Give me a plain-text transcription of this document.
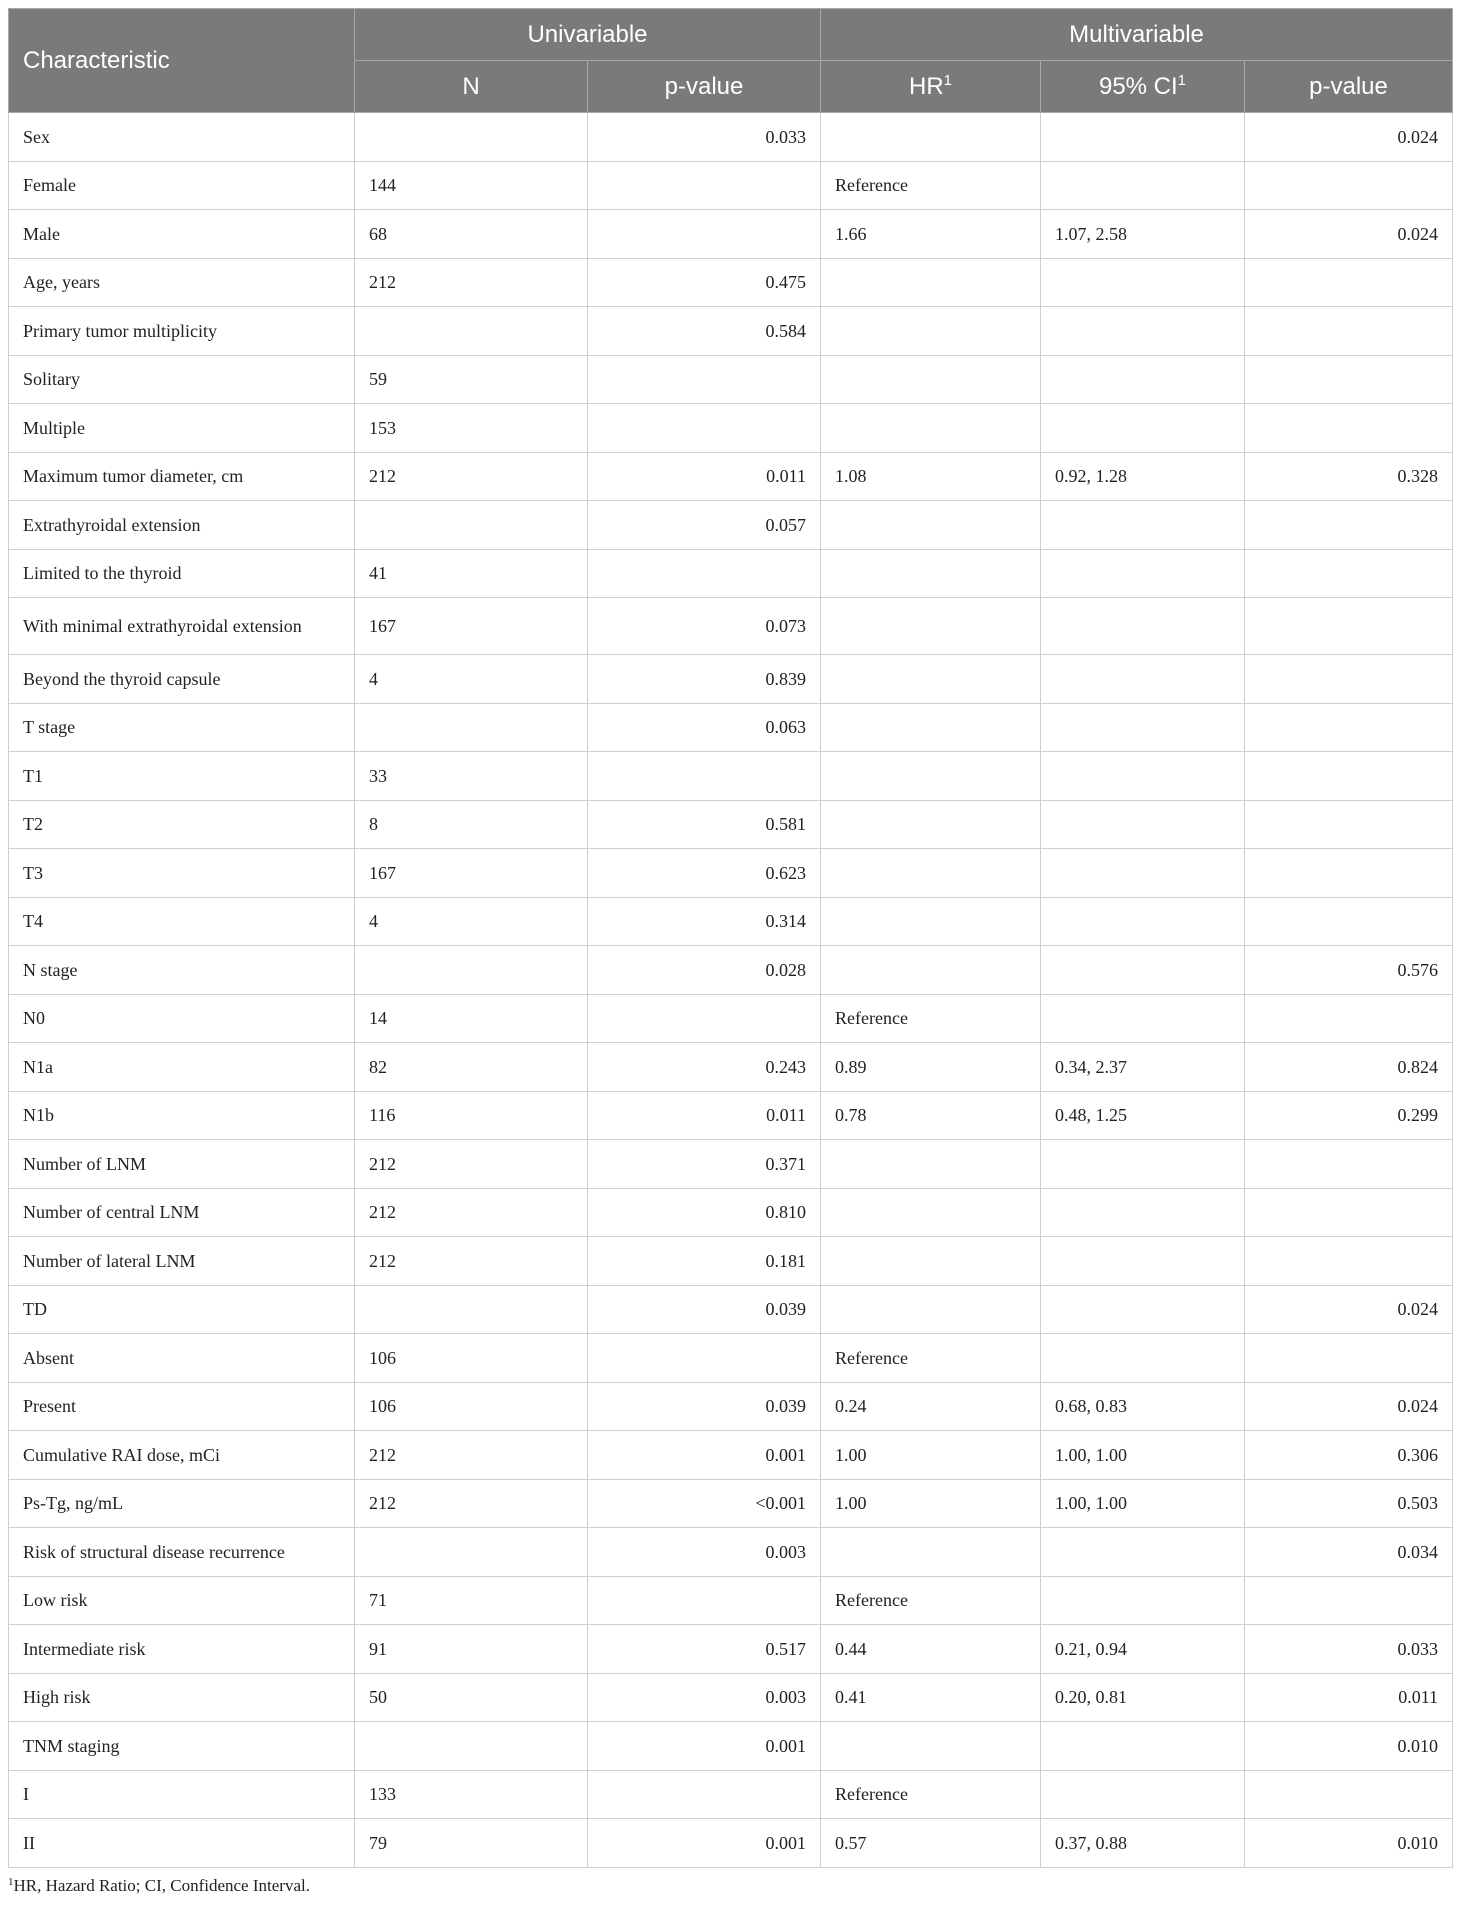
Characteristic	Univariable		Multivariable		
	N	p-value	$HR^1$	95% $CI^1$	p-value
Sex		0.033			0.024
Female	144		Reference		
Male	68		1.66	1.07, 2.58	0.024
Age, years	212	0.475			
Primary tumor multiplicity		0.584			
Solitary	59				
Multiple	153				
Maximum tumor diameter, cm	212	0.011	1.08	0.92, 1.28	0.328
Extrathyroidal extension		0.057			
Limited to the thyroid	41				
With minimal extrathyroidal extension	167	0.073			
Beyond the thyroid capsule	4	0.839			
T stage		0.063			
T1	33				
T2	8	0.581			
T3	167	0.623			
T4	4	0.314			
N stage		0.028			0.576
N0	14		Reference		
N1a	82	0.243	0.89	0.34, 2.37	0.824
N1b	116	0.011	0.78	0.48, 1.25	0.299
Number of LNM	212	0.371			
Number of central LNM	212	0.810			
Number of lateral LNM	212	0.181			
TD		0.039			0.024
Absent	106		Reference		
Present	106	0.039	0.24	0.68, 0.83	0.024
Cumulative RAI dose, mCi	212	0.001	1.00	1.00, 1.00	0.306
Ps-Tg, ng/mL	212	<0.001	1.00	1.00, 1.00	0.503
Risk of structural disease recurrence		0.003			0.034
Low risk	71		Reference		
Intermediate risk	91	0.517	0.44	0.21, 0.94	0.033
High risk	50	0.003	0.41	0.20, 0.81	0.011
TNM staging		0.001			0.010
I	133		Reference		
II	79	0.001	0.57	0.37, 0.88	0.010
$^1$HR, Hazard Ratio; CI, Confidence Interval.
